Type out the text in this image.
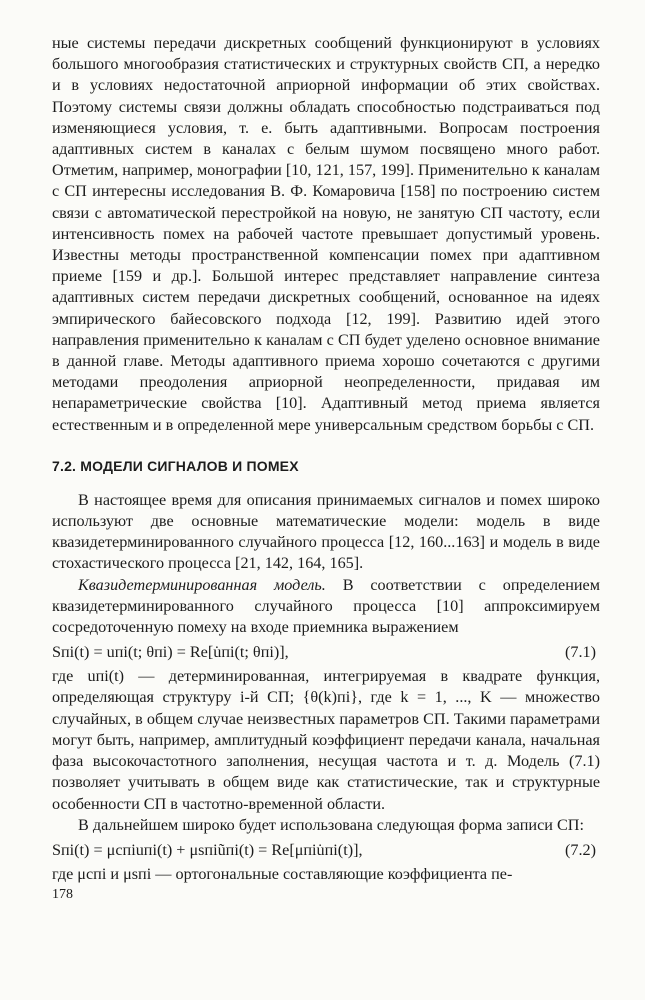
ные системы передачи дискретных сообщений функционируют в условиях большого многообразия статистических и структурных свойств СП, а нередко и в условиях недостаточной априорной информации об этих свойствах. Поэтому системы связи должны обладать способностью подстраиваться под изменяющиеся условия, т. е. быть адаптивными. Вопросам построения адаптивных систем в каналах с белым шумом посвящено много работ. Отметим, например, монографии [10, 121, 157, 199]. Применительно к каналам с СП интересны исследования В. Ф. Комаровича [158] по построению систем связи с автоматической перестройкой на новую, не занятую СП частоту, если интенсивность помех на рабочей частоте превышает допустимый уровень. Известны методы пространственной компенсации помех при адаптивном приеме [159 и др.]. Большой интерес представляет направление синтеза адаптивных систем передачи дискретных сообщений, основанное на идеях эмпирического байесовского подхода [12, 199]. Развитию идей этого направления применительно к каналам с СП будет уделено основное внимание в данной главе. Методы адаптивного приема хорошо сочетаются с другими методами преодоления априорной неопределенности, придавая им непараметрические свойства [10]. Адаптивный метод приема является естественным и в определенной мере универсальным средством борьбы с СП.

7.2. МОДЕЛИ СИГНАЛОВ И ПОМЕХ

В настоящее время для описания принимаемых сигналов и помех широко используют две основные математические модели: модель в виде квазидетерминированного случайного процесса [12, 160...163] и модель в виде стохастического процесса [21, 142, 164, 165].

Квазидетерминированная модель. В соответствии с определением квазидетерминированного случайного процесса [10] аппроксимируем сосредоточенную помеху на входе приемника выражением

Sпi(t) = uпi(t; θпi) = Re[u̇пi(t; θпi)],	(7.1)

где uпi(t) — детерминированная, интегрируемая в квадрате функция, определяющая структуру i-й СП; {θ(k)пi}, где k = 1, ..., K — множество случайных, в общем случае неизвестных параметров СП. Такими параметрами могут быть, например, амплитудный коэффициент передачи канала, начальная фаза высокочастотного заполнения, несущая частота и т. д. Модель (7.1) позволяет учитывать в общем виде как статистические, так и структурные особенности СП в частотно-временной области.

В дальнейшем широко будет использована следующая форма записи СП:

Sпi(t) = μcпiuпi(t) + μsпiũпi(t) = Re[μпiu̇пi(t)],	(7.2)

где μcпi и μsпi — ортогональные составляющие коэффициента пе-

178
